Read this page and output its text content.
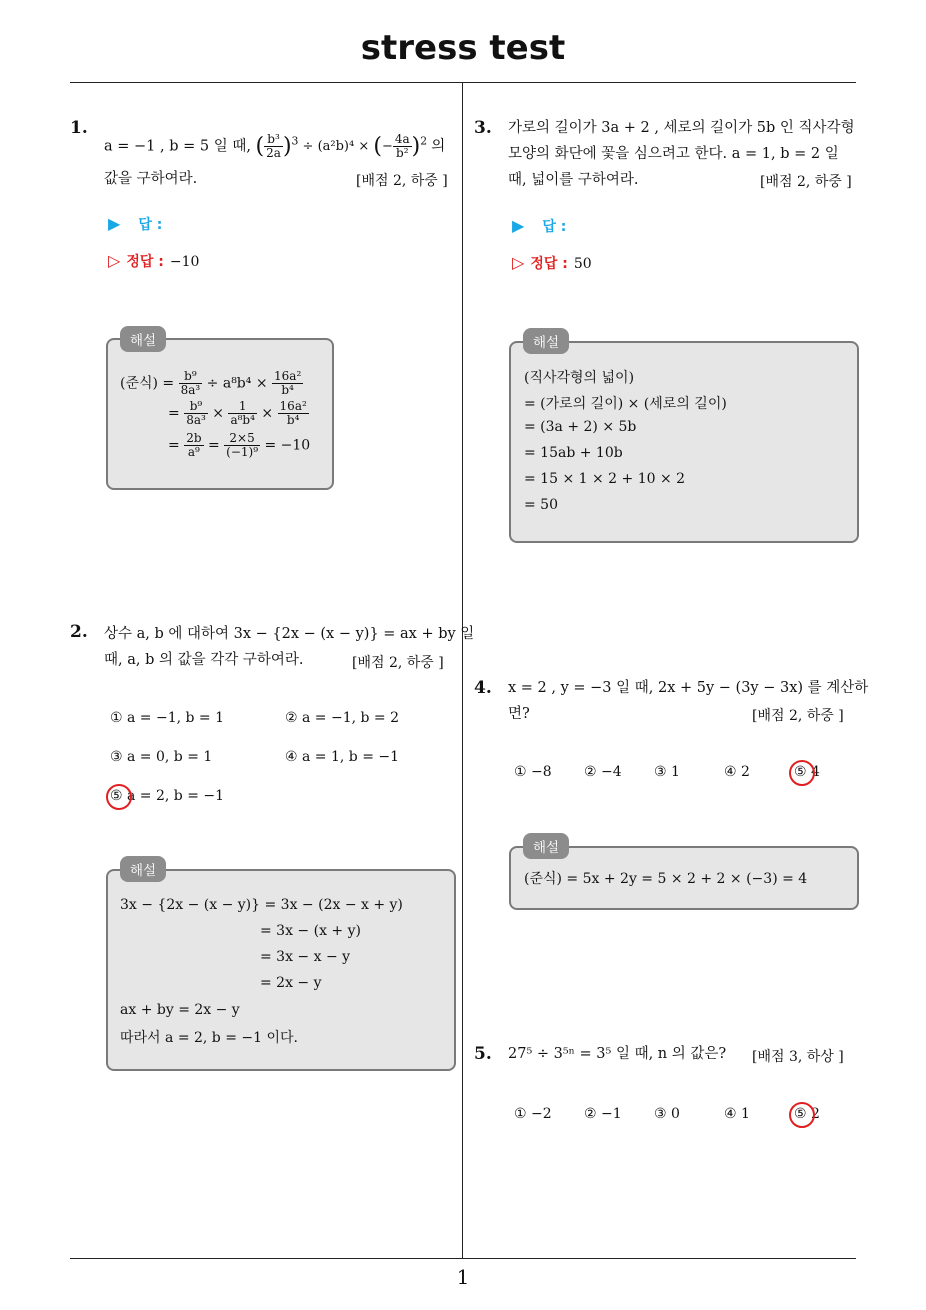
stress test
1
1.
a = −1 , b = 5 일 때, ( $\frac{\text{b³}}{2a} )^3 \div (a^2b)^4$ × (− $\frac{4a}{\text{b²}} )^2$ 의
값을 구하여라.	[배점 2, 하중 ]
▶ 답 :
▷ 정답 : −10
해설
(준식) = $\frac{\text{b⁹}}{\text{8a³}} \div a^8b^4 \times \frac{\text{16a²}}{\text{b⁴}}$
= $\frac{\text{b⁹}}{\text{8a³}} \times \frac{1}{\text{a⁸b⁴}} \times \frac{\text{16a²}}{\text{b⁴}}$
= $\frac{2b}{\text{a⁹}} = \frac{2\times 5}{\text{(−1)⁹}} = -10$
2. 상수 a, b 에 대하여 3x − {2x − (x − y)} = ax + by 일
때, a, b 의 값을 각각 구하여라.	[배점 2, 하중 ]
① a = −1, b = 1	② a = −1, b = 2
③ a = 0, b = 1	④ a = 1, b = −1
⑤ a = 2, b = −1
해설
3x − {2x − (x − y)} = 3x − (2x − x + y)
= 3x − (x + y)
= 3x − x − y
= 2x − y
ax + by = 2x − y
따라서 a = 2, b = −1 이다.
3. 가로의 길이가 3a + 2 , 세로의 길이가 5b 인 직사각형
모양의 화단에 꽃을 심으려고 한다. a = 1, b = 2 일
때, 넓이를 구하여라.	[배점 2, 하중 ]
▶ 답 :
▷ 정답 : 50
해설
(직사각형의 넓이)
= (가로의 길이) × (세로의 길이)
= (3a + 2) × 5b
= 15ab + 10b
= 15 × 1 × 2 + 10 × 2
= 50
4. x = 2 , y = −3 일 때, 2x + 5y − (3y − 3x) 를 계산하
면?	[배점 2, 하중 ]
① −8 ② −4 ③ 1	④ 2	⑤ 4
해설
(준식) = 5x + 2y = 5 × 2 + 2 × (−3) = 4
5. 27⁵ ÷ 3⁵ⁿ = 3⁵ 일 때, n 의 값은? [배점 3, 하상 ]
① −2 ② −1 ③ 0	④ 1	⑤ 2
